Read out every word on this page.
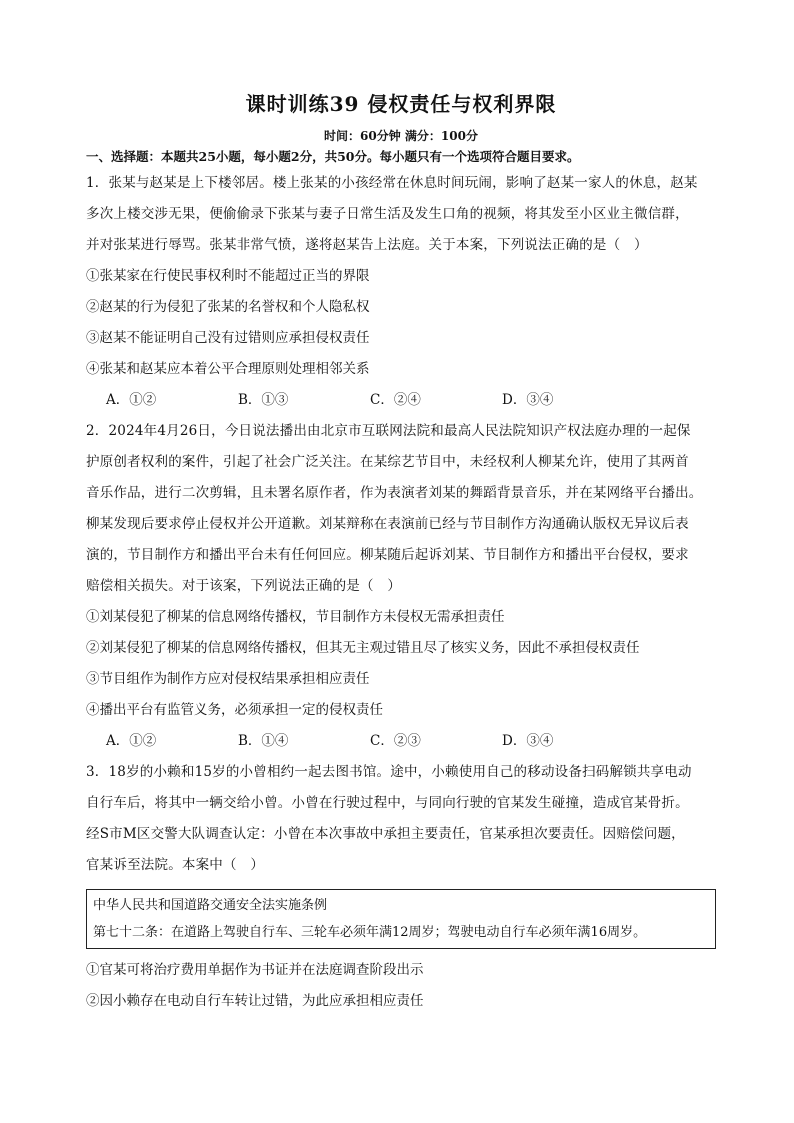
课时训练39 侵权责任与权利界限
时间：60分钟 满分：100分
一、选择题：本题共25小题，每小题2分，共50分。每小题只有一个选项符合题目要求。
1．张某与赵某是上下楼邻居。楼上张某的小孩经常在休息时间玩闹，影响了赵某一家人的休息，赵某
多次上楼交涉无果，便偷偷录下张某与妻子日常生活及发生口角的视频，将其发至小区业主微信群，
并对张某进行辱骂。张某非常气愤，遂将赵某告上法庭。关于本案，下列说法正确的是（　）
①张某家在行使民事权利时不能超过正当的界限
②赵某的行为侵犯了张某的名誉权和个人隐私权
③赵某不能证明自己没有过错则应承担侵权责任
④张某和赵某应本着公平合理原则处理相邻关系
A．①②	B．①③	C．②④	D．③④
2．2024年4月26日，今日说法播出由北京市互联网法院和最高人民法院知识产权法庭办理的一起保
护原创者权利的案件，引起了社会广泛关注。在某综艺节目中，未经权利人柳某允许，使用了其两首
音乐作品，进行二次剪辑，且未署名原作者，作为表演者刘某的舞蹈背景音乐，并在某网络平台播出。
柳某发现后要求停止侵权并公开道歉。刘某辩称在表演前已经与节目制作方沟通确认版权无异议后表
演的，节目制作方和播出平台未有任何回应。柳某随后起诉刘某、节目制作方和播出平台侵权，要求
赔偿相关损失。对于该案，下列说法正确的是（　）
①刘某侵犯了柳某的信息网络传播权，节目制作方未侵权无需承担责任
②刘某侵犯了柳某的信息网络传播权，但其无主观过错且尽了核实义务，因此不承担侵权责任
③节目组作为制作方应对侵权结果承担相应责任
④播出平台有监管义务，必须承担一定的侵权责任
A．①②	B．①④	C．②③	D．③④
3．18岁的小赖和15岁的小曾相约一起去图书馆。途中，小赖使用自己的移动设备扫码解锁共享电动
自行车后，将其中一辆交给小曾。小曾在行驶过程中，与同向行驶的官某发生碰撞，造成官某骨折。
经S市M区交警大队调查认定：小曾在本次事故中承担主要责任，官某承担次要责任。因赔偿问题，
官某诉至法院。本案中（　）
中华人民共和国道路交通安全法实施条例
第七十二条：在道路上驾驶自行车、三轮车必须年满12周岁；驾驶电动自行车必须年满16周岁。
①官某可将治疗费用单据作为书证并在法庭调查阶段出示
②因小赖存在电动自行车转让过错，为此应承担相应责任
